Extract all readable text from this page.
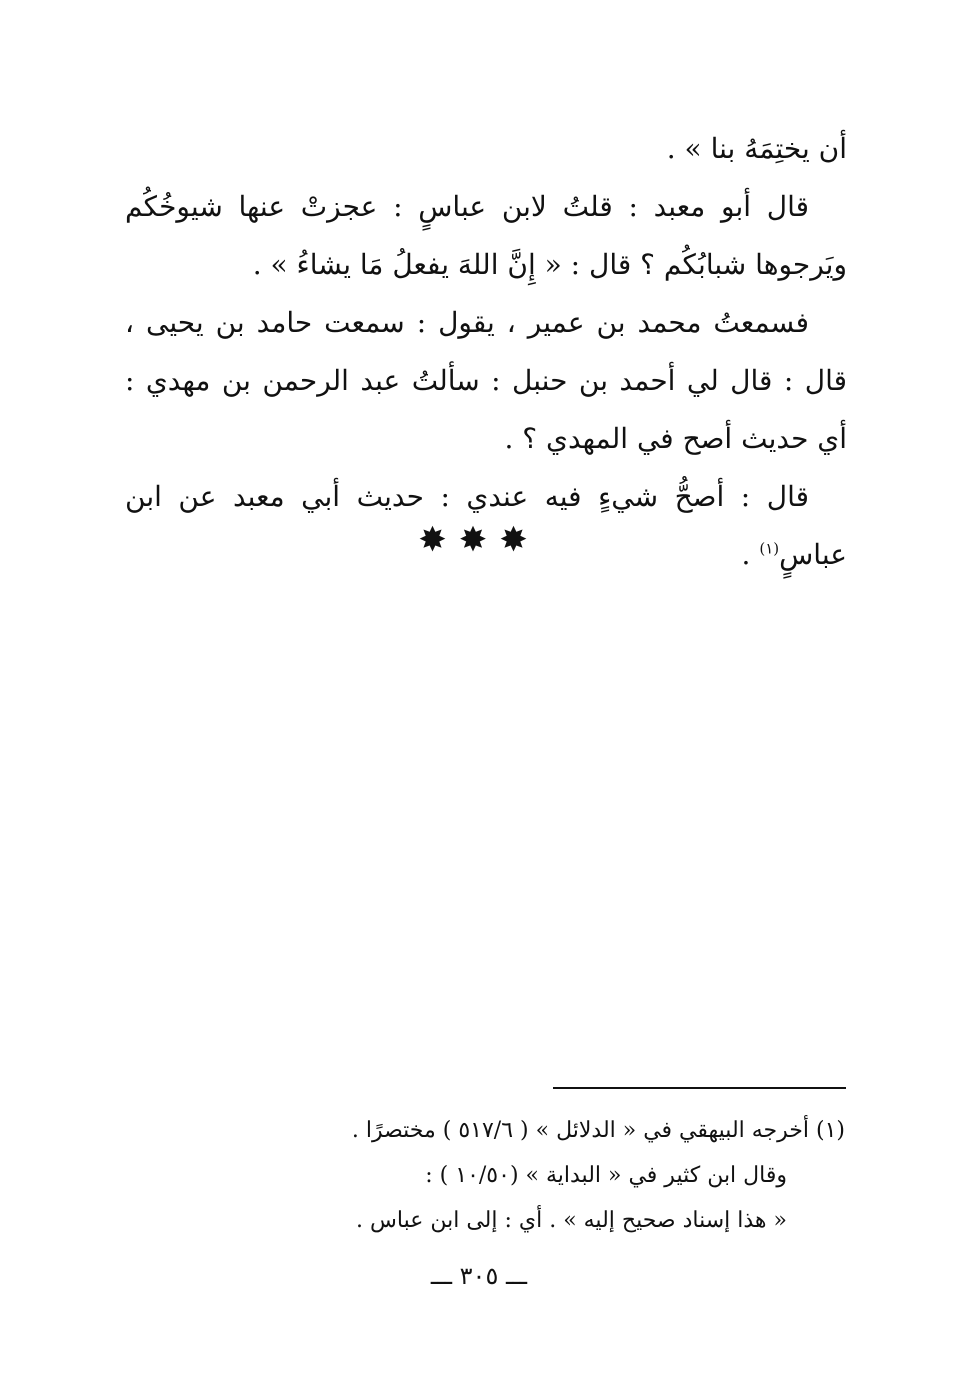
أن يختِمَهُ بنا » .

قال أبو معبد : قلتُ لابن عباسٍ : عجزتْ عنها شيوخُكُم ويَرجوها شبابُكُم ؟ قال : « إِنَّ اللهَ يفعلُ مَا يشاءُ » .

فسمعتُ محمد بن عمير ، يقول : سمعت حامد بن يحيى ، قال : قال لي أحمد بن حنبل : سألتُ عبد الرحمن بن مهدي : أي حديث أصح في المهدي ؟ .

قال : أصحُّ شيءٍ فيه عندي : حديث أبي معبد عن ابن عباسٍ$^{(١)}$ .

✸✸✸

(١) أخرجه البيهقي في « الدلائل » ( ٥١٧/٦ ) مختصرًا .

وقال ابن كثير في « البداية » (١٠/٥٠ ) :

« هذا إسناد صحيح إليه » . أي : إلى ابن عباس .

ـــ ٣٠٥ ـــ
